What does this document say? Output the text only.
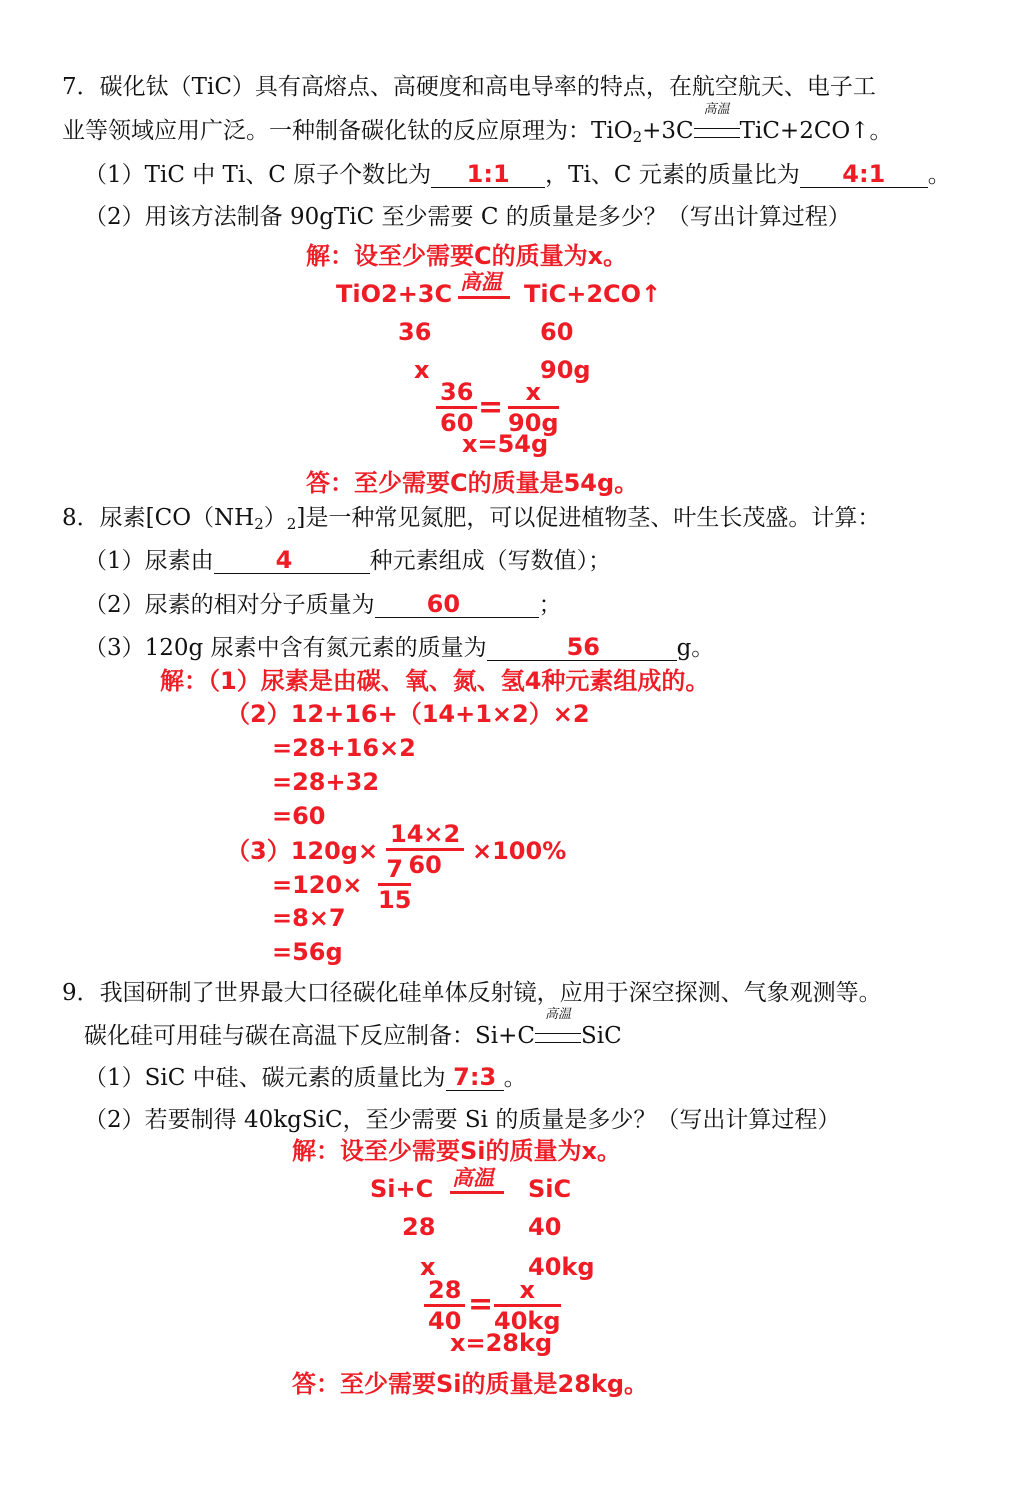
7．碳化钛（TiC）具有高熔点、高硬度和高电导率的特点，在航空航天、电子工
业等领域应用广泛。一种制备碳化钛的反应原理为：TiO$_2$+3C
高温
TiC+2CO↑。
（1）TiC 中 Ti、C 原子个数比为 1:1 ，Ti、C 元素的质量比为 4:1 。
（2）用该方法制备 90gTiC 至少需要 C 的质量是多少？（写出计算过程）
解：设至少需要C的质量为x。
TiO2+3C 高温 TiC+2CO↑
36	60
x	90g
$\frac{36}{60} = \frac{x}{90g}$
x=54g
答：至少需要C的质量是54g。
8．尿素$[CO(NH_2)_2]$是一种常见氮肥，可以促进植物茎、叶生长茂盛。计算：
（1）尿素由	4	种元素组成（写数值）；
（2）尿素的相对分子质量为 60	；
（3）120g 尿素中含有氮元素的质量为	56	g。
解：（1）尿素是由碳、氧、氮、氢4种元素组成的。
（2）12+16+（14+1×2）×2
=28+16×2
=28+32
=60
$(3)120g\times \frac{14\times 2}{60} \times 100\%$
$=120\times \frac{7}{15}$
=8×7
=56g
9．我国研制了世界最大口径碳化硅单体反射镜，应用于深空探测、气象观测等。
碳化硅可用硅与碳在高温下反应制备：Si+C
高温
SiC
（1）SiC 中硅、碳元素的质量比为 7:3 。
（2）若要制得 40kgSiC，至少需要 Si 的质量是多少？（写出计算过程）
解：设至少需要Si的质量为x。
Si+C 高温 SiC
28	40
x	40kg
$\frac{28}{40} = \frac{x}{40kg}$
x=28kg
答：至少需要Si的质量是28kg。
